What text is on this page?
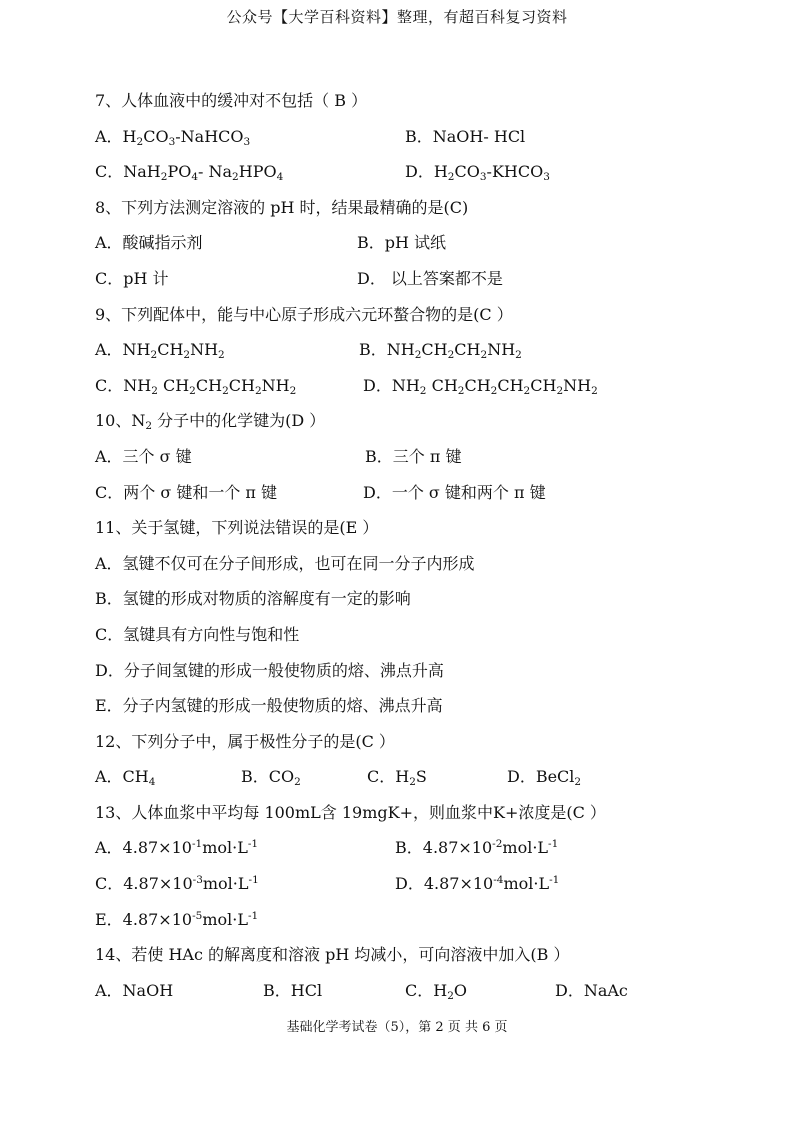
公众号【大学百科资料】整理，有超百科复习资料
7、人体血液中的缓冲对不包括（ B ）
A．$H_2CO_3-NaHCO_3$	B．NaOH- HCl
C．$NaH_2PO_4-$ $Na_2HPO_4$	D．$H_2CO_3-KHCO_3$
8、下列方法测定溶液的 pH 时，结果最精确的是(C)
A．酸碱指示剂	B．pH 试纸
C．pH 计	D． 以上答案都不是
9、下列配体中，能与中心原子形成六元环螯合物的是(C ）
A．$NH_2CH_2NH_2$	B．$NH_2CH_2CH_2NH_2$
C．$NH_2$ $CH_2CH_2CH_2NH_2$	D．$NH_2$ $CH_2CH_2CH_2CH_2NH_2$
10、$N_2$ 分子中的化学键为(D ）
A．三个 σ 键	B．三个 π 键
C．两个 σ 键和一个 π 键	D．一个 σ 键和两个 π 键
11、关于氢键，下列说法错误的是(E ）
A．氢键不仅可在分子间形成，也可在同一分子内形成
B．氢键的形成对物质的溶解度有一定的影响
C．氢键具有方向性与饱和性
D．分子间氢键的形成一般使物质的熔、沸点升高
E．分子内氢键的形成一般使物质的熔、沸点升高
12、下列分子中，属于极性分子的是(C ）
A．$CH_4$	B．$CO_2$	C．$H_2S$	D．BeCl$_2$
13、人体血浆中平均每 100mL含 19mgK+，则血浆中K+浓度是(C ）
A．$4.87\times 10^{-1}mol\cdot L^{-1}$	B．$4.87\times 10^{-2}mol\cdot L^{-1}$
C．$4.87\times 10^{-3}mol\cdot L^{-1}$	D．$4.87\times 10^{-4}mol\cdot L^{-1}$
E．$4.87\times 10^{-5}mol\cdot L^{-1}$
14、若使 HAc 的解离度和溶液 pH 均减小，可向溶液中加入(B ）
A．NaOH	B．HCl	C．$H_2O$	D．NaAc
基础化学考试卷（5），第 2 页 共 6 页
